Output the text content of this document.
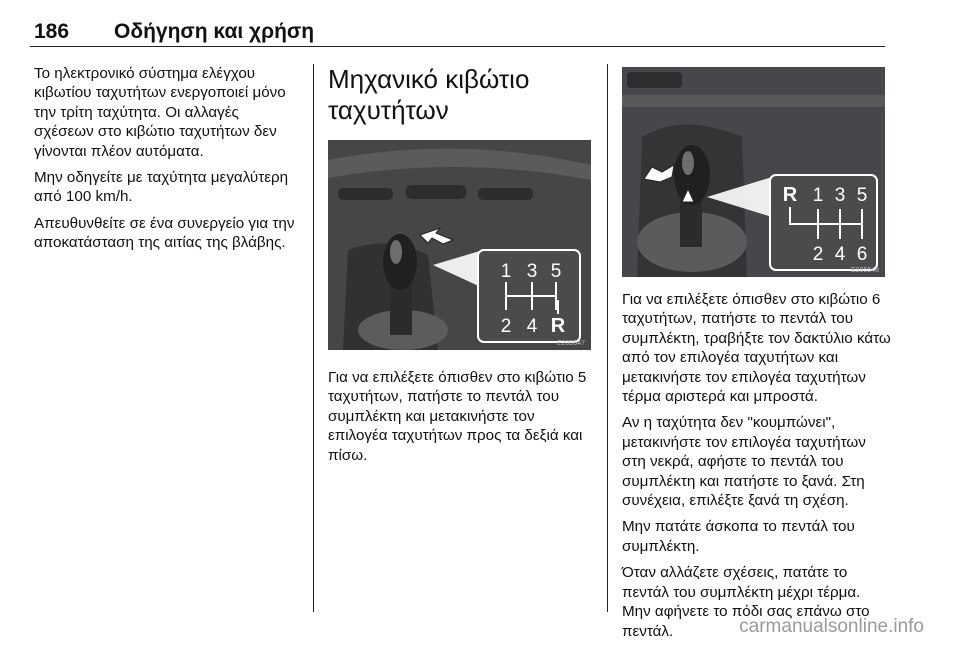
186 Οδήγηση και χρήση

Το ηλεκτρονικό σύστημα ελέγχου κιβωτίου ταχυτήτων ενεργοποιεί μόνο την τρίτη ταχύτητα. Οι αλλαγές σχέσεων στο κιβώτιο ταχυτήτων δεν γίνονται πλέον αυτόματα.

Μην οδηγείτε με ταχύτητα μεγαλύτερη από 100 km/h.

Απευθυνθείτε σε ένα συνεργείο για την αποκατάσταση της αιτίας της βλάβης.

Μηχανικό κιβώτιο ταχυτήτων
1 3 5
2 4 R
E205547

Για να επιλέξετε όπισθεν στο κιβώτιο 5 ταχυτήτων, πατήστε το πεντάλ του συμπλέκτη και μετακινήστε τον επιλογέα ταχυτήτων προς τα δεξιά και πίσω.

R 1 3 5
2 4 6
E205548

Για να επιλέξετε όπισθεν στο κιβώτιο 6 ταχυτήτων, πατήστε το πεντάλ του συμπλέκτη, τραβήξτε τον δακτύλιο κάτω από τον επιλογέα ταχυτήτων και μετακινήστε τον επιλογέα ταχυτήτων τέρμα αριστερά και μπροστά.

Αν η ταχύτητα δεν "κουμπώνει", μετακινήστε τον επιλογέα ταχυτήτων στη νεκρά, αφήστε το πεντάλ του συμπλέκτη και πατήστε το ξανά. Στη συνέχεια, επιλέξτε ξανά τη σχέση.

Μην πατάτε άσκοπα το πεντάλ του συμπλέκτη.

Όταν αλλάζετε σχέσεις, πατάτε το πεντάλ του συμπλέκτη μέχρι τέρμα. Μην αφήνετε το πόδι σας επάνω στο πεντάλ.	carmanualsonline.info
